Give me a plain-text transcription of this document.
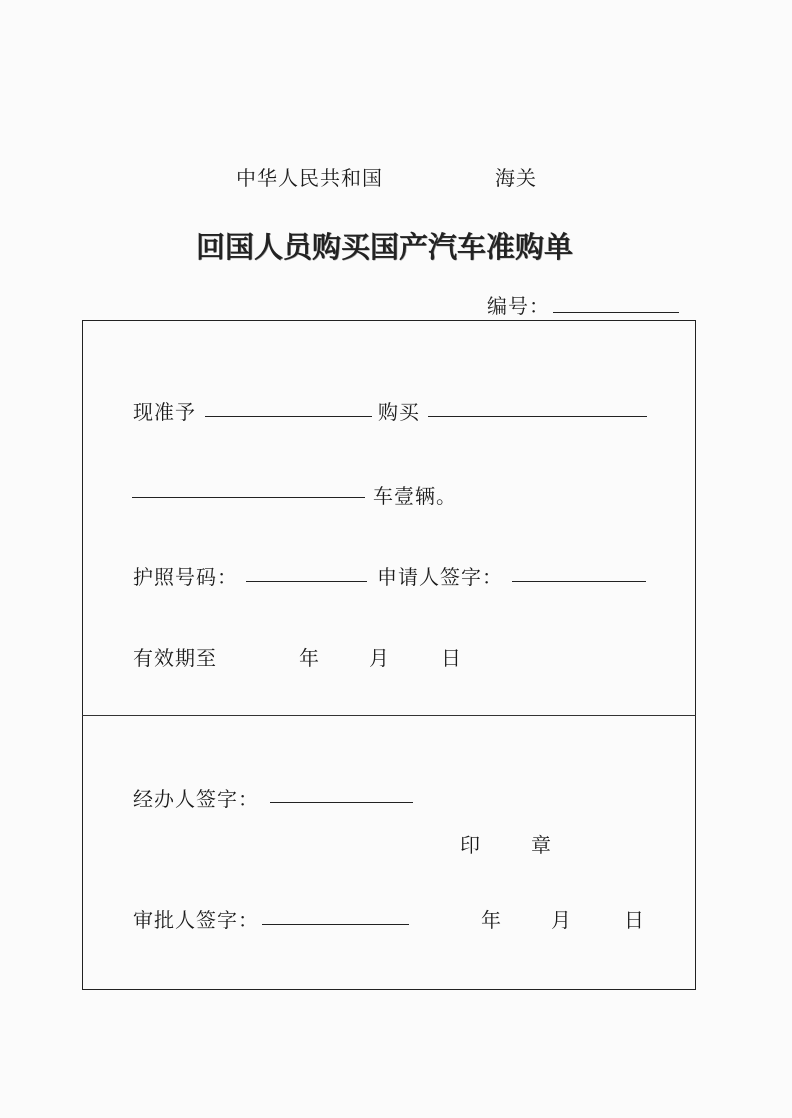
中华人民共和国	海关
回国人员购买国产汽车准购单
编号：
现准予	购买
车壹辆。
护照号码：	申请人签字：
有效期至	年 月	日
经办人签字：
印	章
审批人签字：	年 月	日
